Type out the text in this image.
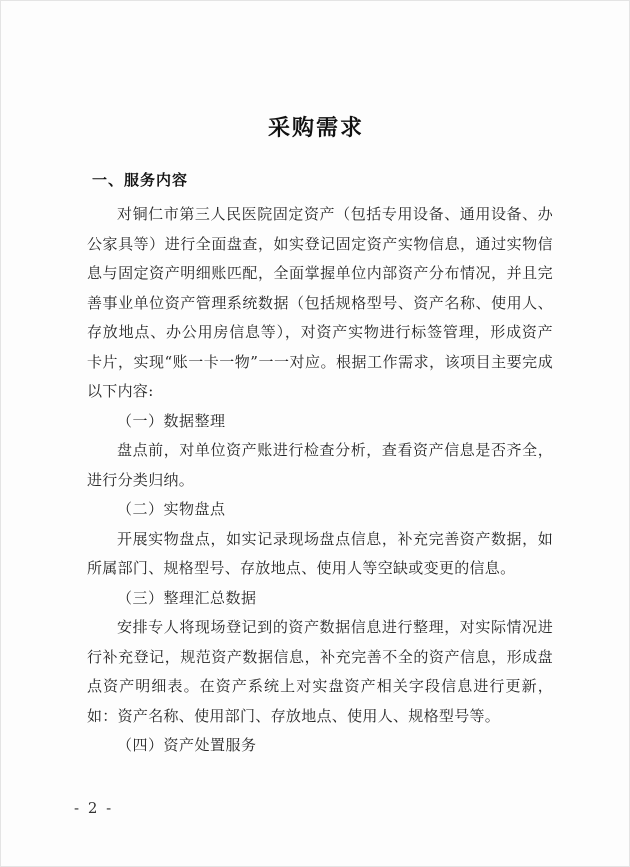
采购需求
一、服务内容

对铜仁市第三人民医院固定资产（包括专用设备、通用设备、办公家具等）进行全面盘查，如实登记固定资产实物信息，通过实物信息与固定资产明细账匹配，全面掌握单位内部资产分布情况，并且完善事业单位资产管理系统数据（包括规格型号、资产名称、使用人、存放地点、办公用房信息等），对资产实物进行标签管理，形成资产卡片，实现“账一卡一物”一一对应。根据工作需求，该项目主要完成以下内容:

（一）数据整理

盘点前，对单位资产账进行检查分析，查看资产信息是否齐全，进行分类归纳。

（二）实物盘点

开展实物盘点，如实记录现场盘点信息，补充完善资产数据，如所属部门、规格型号、存放地点、使用人等空缺或变更的信息。

（三）整理汇总数据

安排专人将现场登记到的资产数据信息进行整理，对实际情况进行补充登记，规范资产数据信息，补充完善不全的资产信息，形成盘点资产明细表。在资产系统上对实盘资产相关字段信息进行更新，如：资产名称、使用部门、存放地点、使用人、规格型号等。

（四）资产处置服务

- 2 -
